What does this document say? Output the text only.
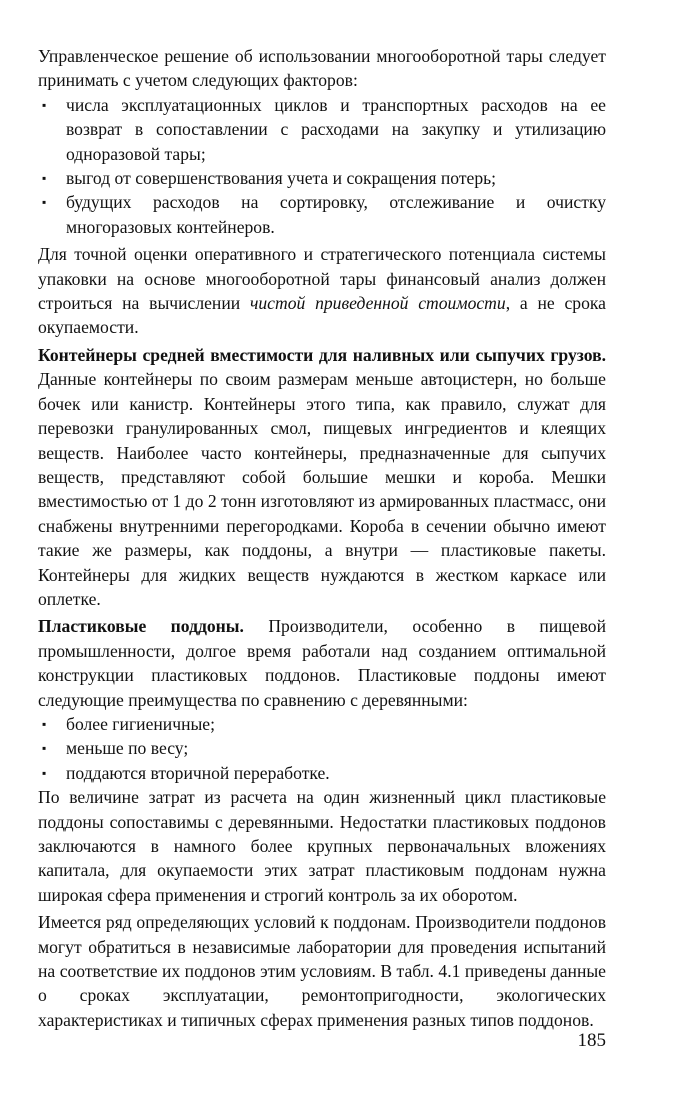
Управленческое решение об использовании многооборотной тары следует принимать с учетом следующих факторов:

▪ числа эксплуатационных циклов и транспортных расходов на ее возврат в сопоставлении с расходами на закупку и утилизацию одноразовой тары;
▪ выгод от совершенствования учета и сокращения потерь;
▪ будущих расходов на сортировку, отслеживание и очистку многоразовых контейнеров.

Для точной оценки оперативного и стратегического потенциала системы упаковки на основе многооборотной тары финансовый анализ должен строиться на вычислении чистой приведенной стоимости, а не срока окупаемости.

Контейнеры средней вместимости для наливных или сыпучих грузов. Данные контейнеры по своим размерам меньше автоцистерн, но больше бочек или канистр. Контейнеры этого типа, как правило, служат для перевозки гранулированных смол, пищевых ингредиентов и клеящих веществ. Наиболее часто контейнеры, предназначенные для сыпучих веществ, представляют собой большие мешки и короба. Мешки вместимостью от 1 до 2 тонн изготовляют из армированных пластмасс, они снабжены внутренними перегородками. Короба в сечении обычно имеют такие же размеры, как поддоны, а внутри — пластиковые пакеты. Контейнеры для жидких веществ нуждаются в жестком каркасе или оплетке.

Пластиковые поддоны. Производители, особенно в пищевой промышленности, долгое время работали над созданием оптимальной конструкции пластиковых поддонов. Пластиковые поддоны имеют следующие преимущества по сравнению с деревянными:

▪ более гигиеничные;
▪ меньше по весу;
▪ поддаются вторичной переработке.

По величине затрат из расчета на один жизненный цикл пластиковые поддоны сопоставимы с деревянными. Недостатки пластиковых поддонов заключаются в намного более крупных первоначальных вложениях капитала, для окупаемости этих затрат пластиковым поддонам нужна широкая сфера применения и строгий контроль за их оборотом.

Имеется ряд определяющих условий к поддонам. Производители поддонов могут обратиться в независимые лаборатории для проведения испытаний на соответствие их поддонов этим условиям. В табл. 4.1 приведены данные о сроках эксплуатации, ремонтопригодности, экологических характеристиках и типичных сферах применения разных типов поддонов.

185
